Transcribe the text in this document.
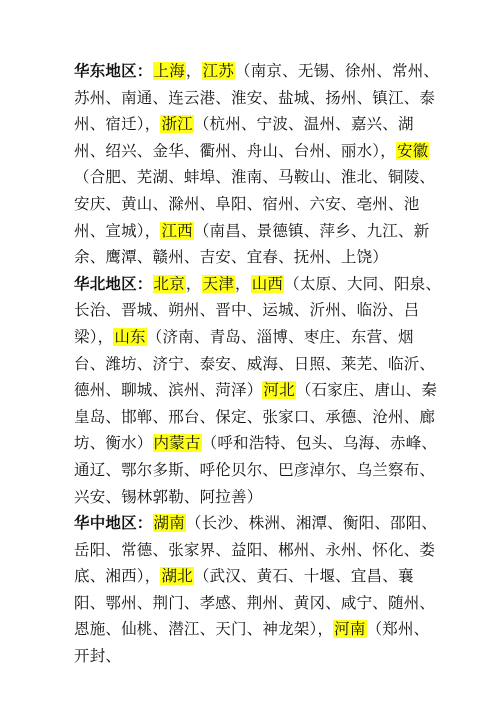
华东地区：上海，江苏（南京、无锡、徐州、常州、苏州、南通、连云港、淮安、盐城、扬州、镇江、泰州、宿迁），浙江（杭州、宁波、温州、嘉兴、湖州、绍兴、金华、衢州、舟山、台州、丽水），安徽（合肥、芜湖、蚌埠、淮南、马鞍山、淮北、铜陵、安庆、黄山、滁州、阜阳、宿州、六安、亳州、池州、宣城），江西（南昌、景德镇、萍乡、九江、新余、鹰潭、赣州、吉安、宜春、抚州、上饶）

华北地区：北京，天津，山西（太原、大同、阳泉、长治、晋城、朔州、晋中、运城、沂州、临汾、吕梁），山东（济南、青岛、淄博、枣庄、东营、烟台、潍坊、济宁、泰安、威海、日照、莱芜、临沂、德州、聊城、滨州、菏泽）河北（石家庄、唐山、秦皇岛、邯郸、邢台、保定、张家口、承德、沧州、廊坊、衡水）内蒙古（呼和浩特、包头、乌海、赤峰、通辽、鄂尔多斯、呼伦贝尔、巴彦淖尔、乌兰察布、兴安、锡林郭勒、阿拉善）

华中地区：湖南（长沙、株洲、湘潭、衡阳、邵阳、岳阳、常德、张家界、益阳、郴州、永州、怀化、娄底、湘西），湖北（武汉、黄石、十堰、宜昌、襄阳、鄂州、荆门、孝感、荆州、黄冈、咸宁、随州、恩施、仙桃、潜江、天门、神龙架），河南（郑州、开封、
